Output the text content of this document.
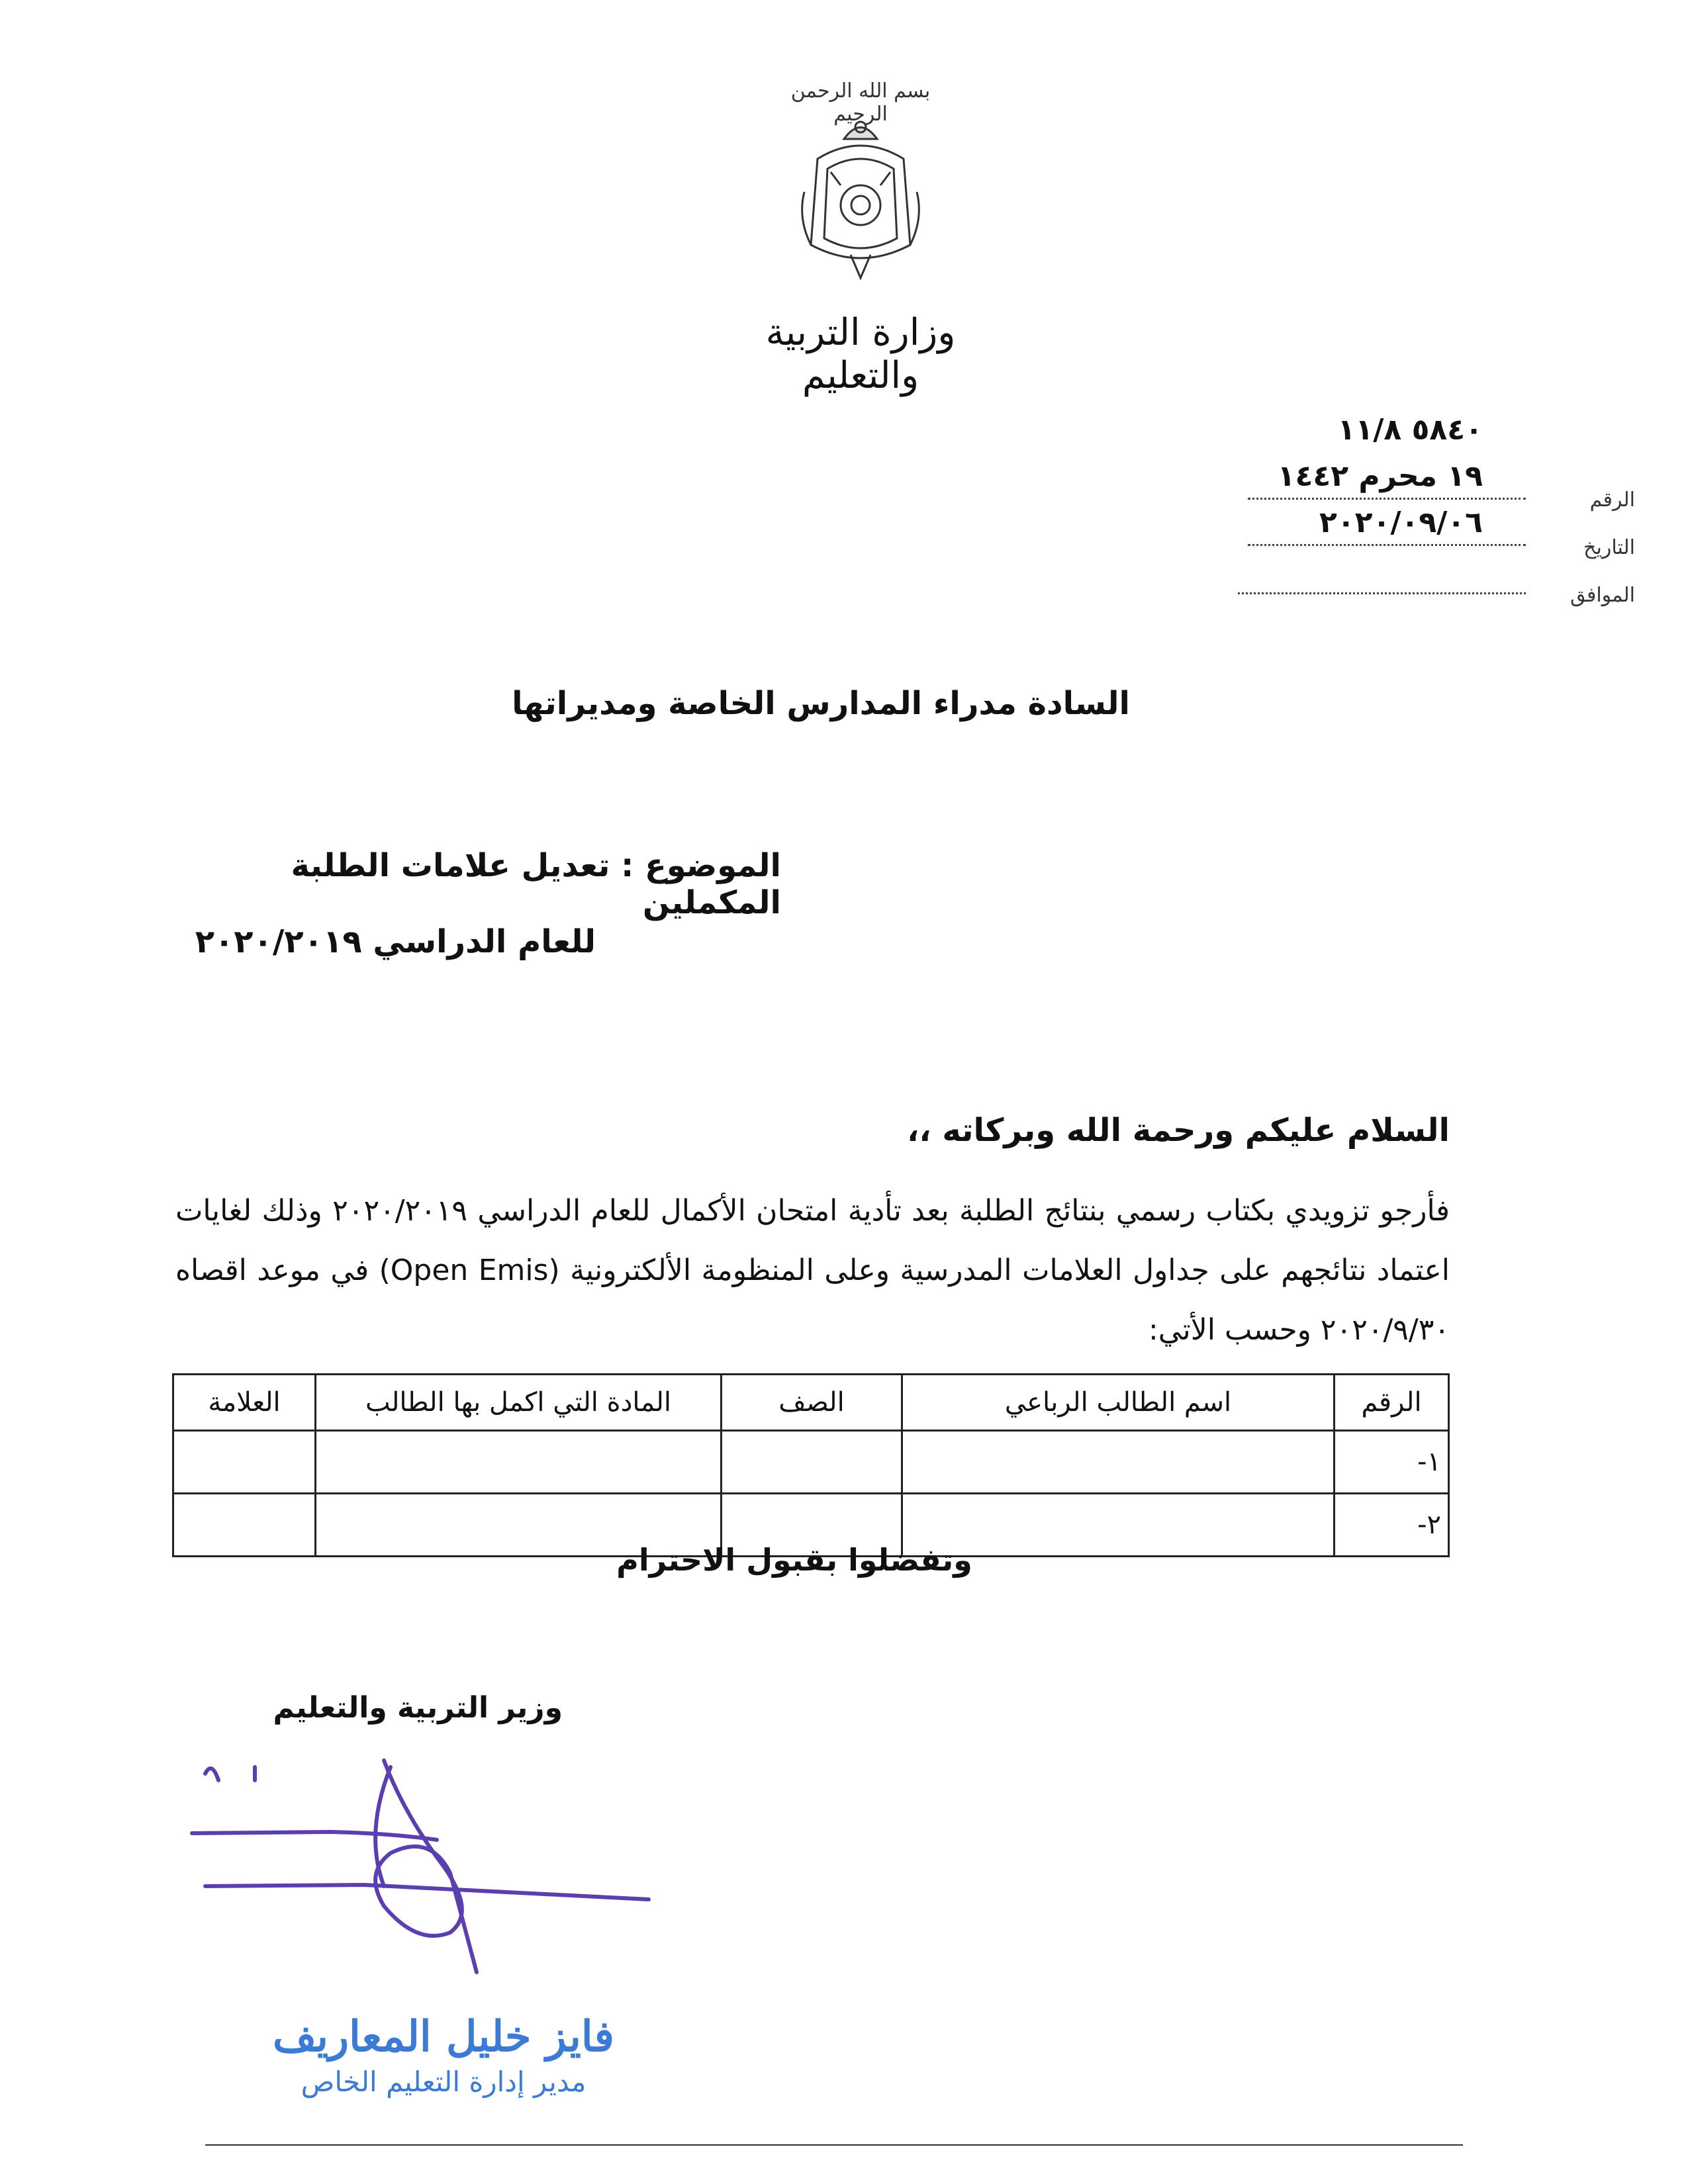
بسم الله الرحمن الرحيم
وزارة التربية والتعليم
٥٨٤٠ ١١/٨
١٩ محرم ١٤٤٢
٢٠٢٠/٠٩/٠٦
الرقم
التاريخ
الموافق
السادة مدراء المدارس الخاصة ومديراتها
الموضوع : تعديل علامات الطلبة المكملين
للعام الدراسي ٢٠٢٠/٢٠١٩
السلام عليكم ورحمة الله وبركاته ،،
فأرجو تزويدي بكتاب رسمي بنتائج الطلبة بعد تأدية امتحان الأكمال للعام الدراسي ٢٠٢٠/٢٠١٩ وذلك لغايات اعتماد نتائجهم على جداول العلامات المدرسية وعلى المنظومة الألكترونية (Open Emis) في موعد اقصاه ٢٠٢٠/٩/٣٠ وحسب الأتي:
الرقم	اسم الطالب الرباعي	الصف	المادة التي اكمل بها الطالب	العلامة
١-				
٢-				
وتفضلوا بقبول الاحترام
وزير التربية والتعليم
فايز خليل المعاريف
مدير إدارة التعليم الخاص
